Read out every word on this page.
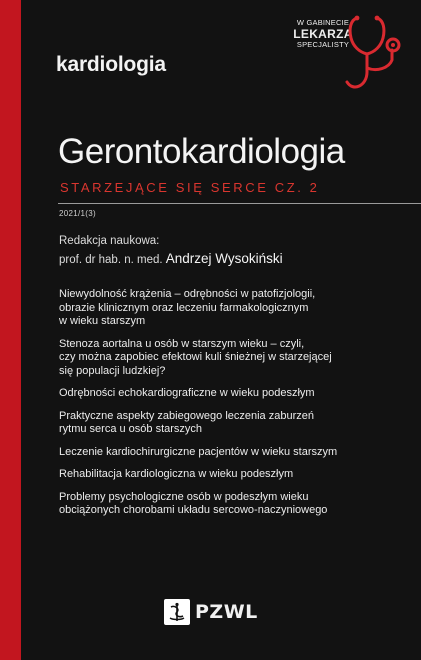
kardiologia
W GABINECIE
LEKARZA
SPECJALISTY
Gerontokardiologia
STARZEJĄCE SIĘ SERCE CZ. 2
2021/1(3)
Redakcja naukowa:
prof. dr hab. n. med. Andrzej Wysokiński
Niewydolność krążenia – odrębności w patofizjologii,
obrazie klinicznym oraz leczeniu farmakologicznym
w wieku starszym
Stenoza aortalna u osób w starszym wieku – czyli,
czy można zapobiec efektowi kuli śnieżnej w starzejącej
się populacji ludzkiej?
Odrębności echokardiograficzne w wieku podeszłym
Praktyczne aspekty zabiegowego leczenia zaburzeń
rytmu serca u osób starszych
Leczenie kardiochirurgiczne pacjentów w wieku starszym
Rehabilitacja kardiologiczna w wieku podeszłym
Problemy psychologiczne osób w podeszłym wieku
obciążonych chorobami układu sercowo-naczyniowego
PZWL
